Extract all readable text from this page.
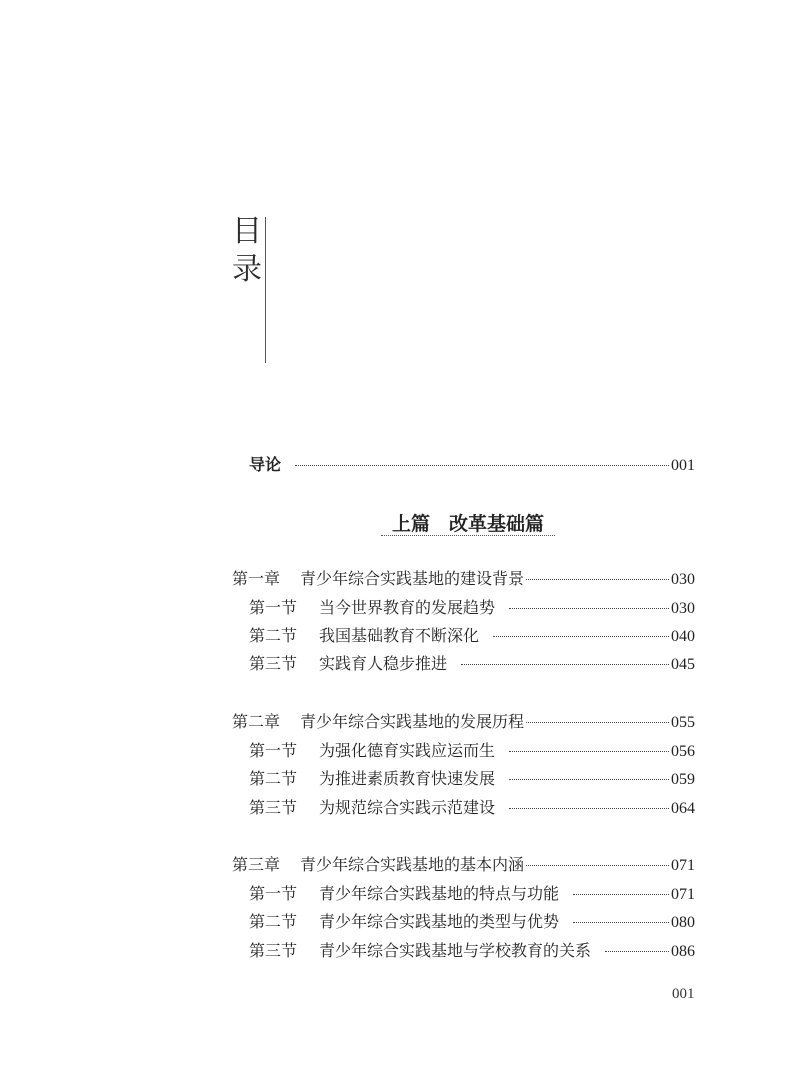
目
录
导论	001
上篇　改革基础篇
第一章	青少年综合实践基地的建设背景	030
第一节	当今世界教育的发展趋势	030
第二节	我国基础教育不断深化	040
第三节	实践育人稳步推进	045
第二章	青少年综合实践基地的发展历程	055
第一节	为强化德育实践应运而生	056
第二节	为推进素质教育快速发展	059
第三节	为规范综合实践示范建设	064
第三章	青少年综合实践基地的基本内涵	071
第一节	青少年综合实践基地的特点与功能	071
第二节	青少年综合实践基地的类型与优势	080
第三节	青少年综合实践基地与学校教育的关系	086
001
